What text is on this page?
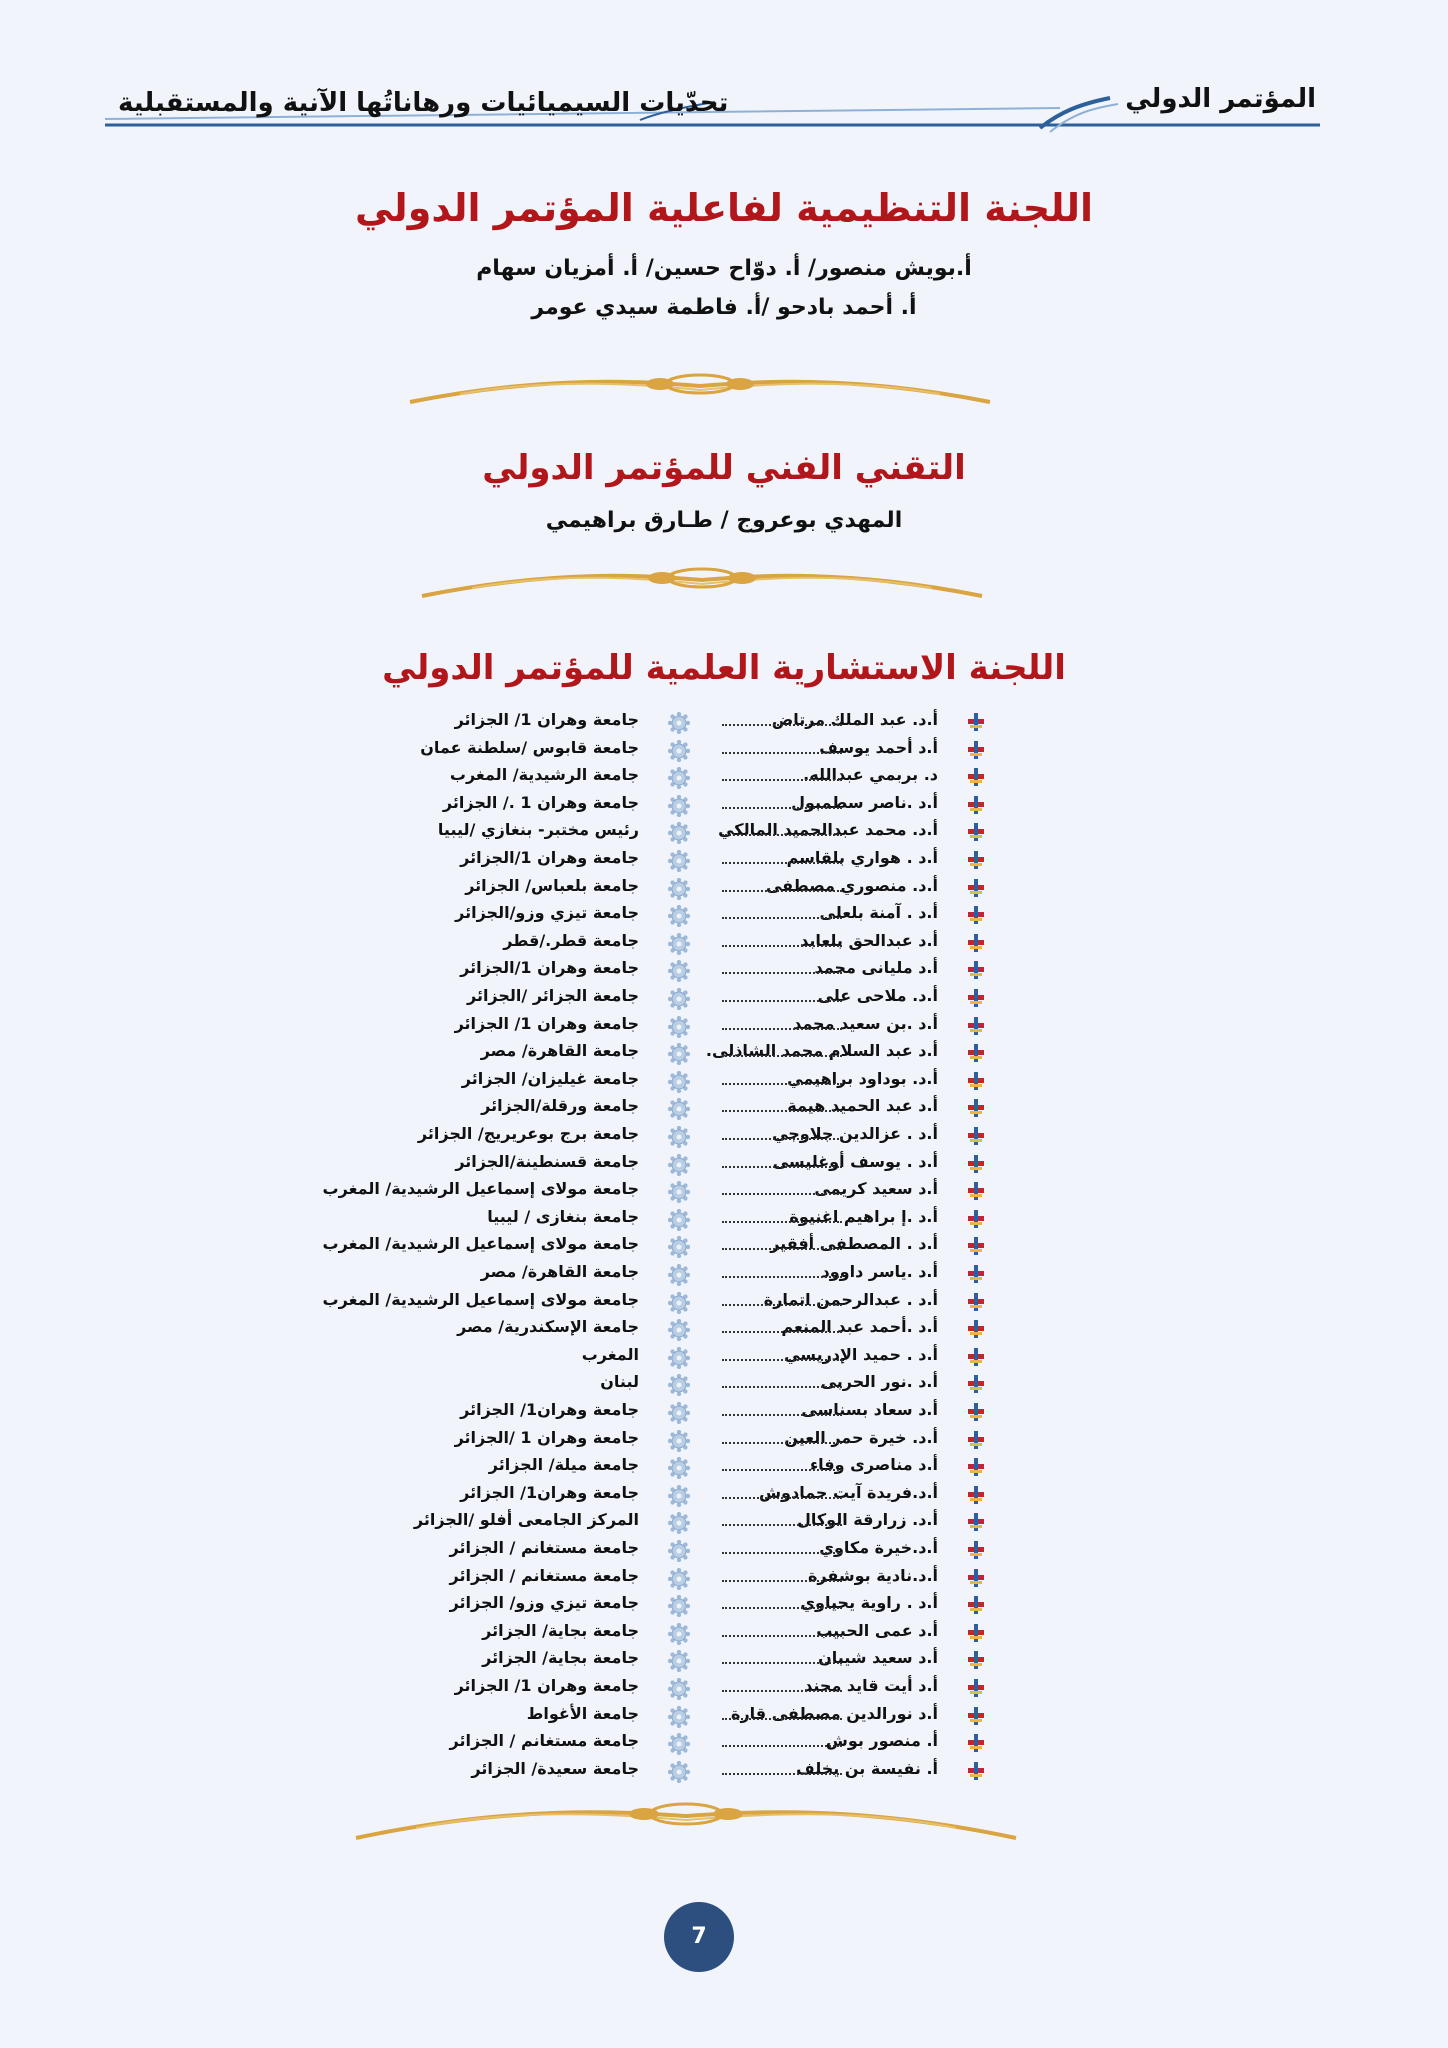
المؤتمر الدولي
تحدّيات السيميائيات ورهاناتُها الآنية والمستقبلية
اللجنة التنظيمية لفاعلية المؤتمر الدولي

أ.بويش منصور/ أ. دوّاح حسين/ أ. أمزيان سهام

أ. أحمد بادحو /أ. فاطمة سيدي عومر

التقني الفني للمؤتمر الدولي

المهدي بوعروج / طـارق براهيمي

اللجنة الاستشارية العلمية للمؤتمر الدولي
أ.د. عبد الملك مرتاض
جامعة وهران 1/ الجزائر
أ.د أحمد يوسف
جامعة قابوس /سلطنة عمان
د. بربمي عبدالله.
جامعة الرشيدية/ المغرب
أ.د .ناصر سطمبول
جامعة وهران 1 ./ الجزائر
أ.د. محمد عبدالحميد المالكي
رئيس مختبر- بنغازي /ليبيا
أ.د . هواري بلقاسم
جامعة وهران 1/الجزائر
أ.د. منصوري مصطفى
جامعة بلعباس/ الجزائر
أ.د . آمنة بلعلى
جامعة تيزي وزو/الجزائر
أ.د عبدالحق بلعابد
جامعة قطر./قطر
أ.د مليانى محمد
جامعة وهران 1/الجزائر
أ.د. ملاحى على
جامعة الجزائر /الجزائر
أ.د .بن سعيد محمد
جامعة وهران 1/ الجزائر
أ.د عبد السلام محمد الشاذلى.
جامعة القاهرة/ مصر
أ.د. بوداود براهيمي
جامعة غيليزان/ الجزائر
أ.د عبد الحميد هيمة
جامعة ورقلة/الجزائر
أ.د . عزالدين جلاوجي
جامعة برج بوعريريج/ الجزائر
أ.د . يوسف أوغليسى
جامعة قسنطينة/الجزائر
أ.د سعيد كريمى
جامعة مولاى إسماعيل الرشيدية/ المغرب
أ.د .إ براهيم اغنيوة
جامعة بنغازى / ليبيا
أ.د . المصطفى أفقير
جامعة مولاى إسماعيل الرشيدية/ المغرب
أ.د .ياسر داوود
جامعة القاهرة/ مصر
أ.د . عبدالرحمن اتمارة
جامعة مولاى إسماعيل الرشيدية/ المغرب
أ.د .أحمد عبد المنعم
جامعة الإسكندرية/ مصر
أ.د . حميد الإدريسي
المغرب
أ.د .نور الحربى
لبنان
أ.د سعاد بسناسى
جامعة وهران1/ الجزائر
أ.د. خيرة حمر العين
جامعة وهران 1 /الجزائر
أ.د مناصرى وفاء
جامعة ميلة/ الجزائر
أ.د.فريدة آيت حمادوش
جامعة وهران1/ الجزائر
أ.د. زرارقة الوكال
المركز الجامعى أفلو /الجزائر
أ.د.خيرة مكاوي
جامعة مستغانم / الجزائر
أ.د.نادية بوشفرة
جامعة مستغانم / الجزائر
أ.د . راوية يحياوي
جامعة تيزي وزو/ الجزائر
أ.د عمى الحبيب
جامعة بجاية/ الجزائر
أ.د سعيد شيبان
جامعة بجاية/ الجزائر
أ.د أيت قايد محند
جامعة وهران 1/ الجزائر
أ.د نورالدين مصطفى قارة
جامعة الأغواط
أ. منصور بوش
جامعة مستغانم / الجزائر
أ. نفيسة بن يخلف
جامعة سعيدة/ الجزائر
7
